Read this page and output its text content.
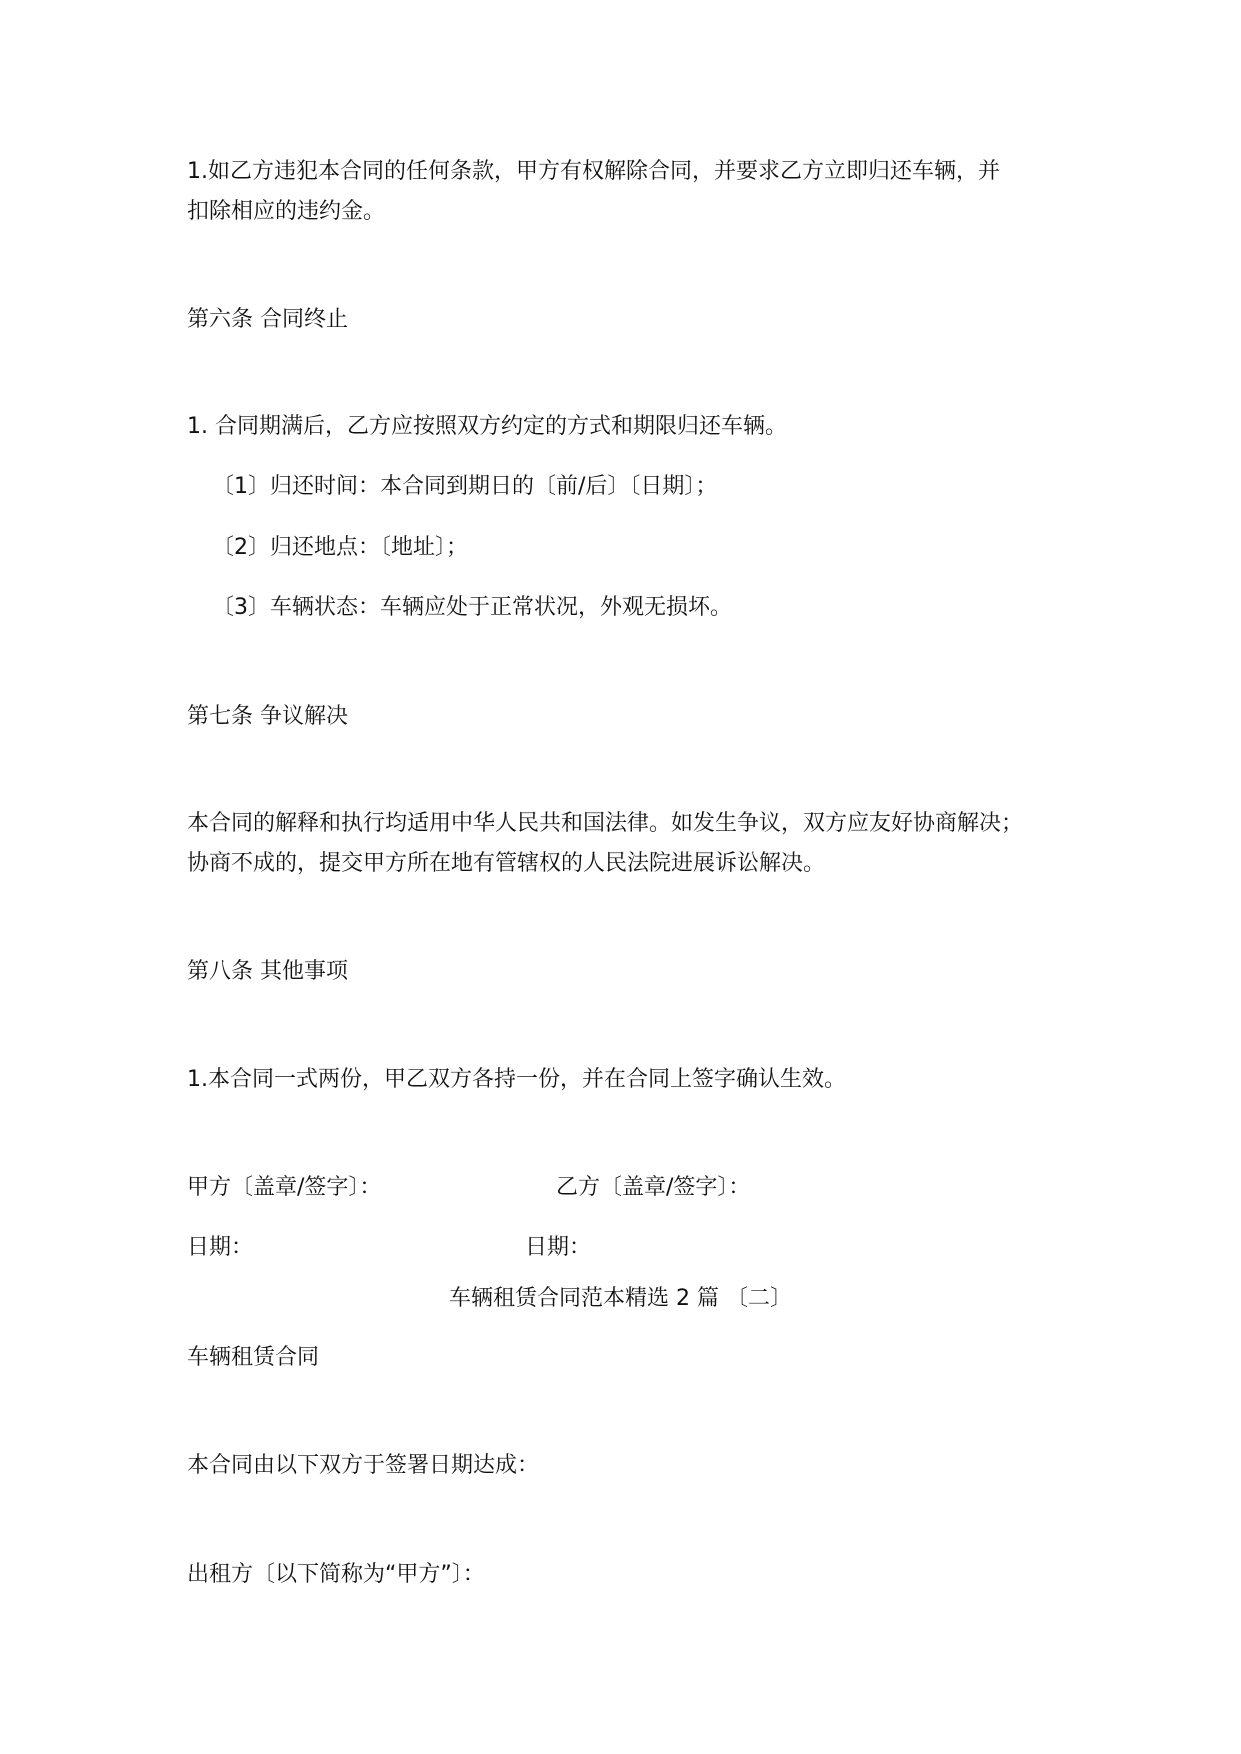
1.如乙方违犯本合同的任何条款，甲方有权解除合同，并要求乙方立即归还车辆，并
扣除相应的违约金。
第六条 合同终止
1. 合同期满后，乙方应按照双方约定的方式和期限归还车辆。
〔1〕归还时间：本合同到期日的〔前/后〕〔日期〕；
〔2〕归还地点：〔地址〕；
〔3〕车辆状态：车辆应处于正常状况，外观无损坏。
第七条 争议解决
本合同的解释和执行均适用中华人民共和国法律。如发生争议，双方应友好协商解决；
协商不成的，提交甲方所在地有管辖权的人民法院进展诉讼解决。
第八条 其他事项
1.本合同一式两份，甲乙双方各持一份，并在合同上签字确认生效。
甲方〔盖章/签字〕：	乙方〔盖章/签字〕：
日期：	日期：
车辆租赁合同范本精选 2 篇 〔二〕
车辆租赁合同
本合同由以下双方于签署日期达成：
出租方〔以下简称为“甲方”〕：
